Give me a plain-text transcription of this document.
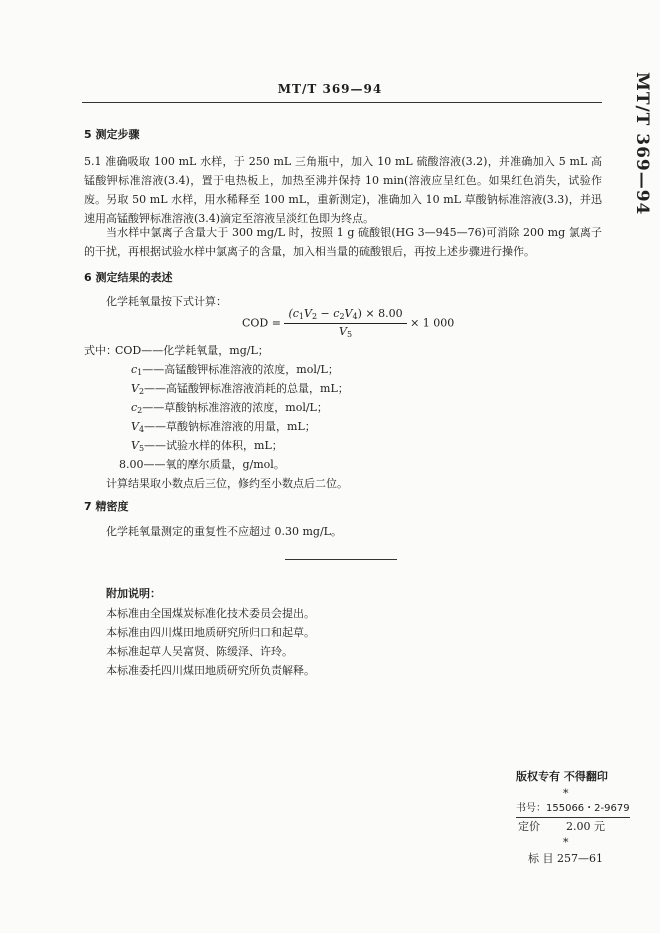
MT/T 369—94	MT/T 369—94
5 测定步骤
5.1 准确吸取 100 mL 水样，于 250 mL 三角瓶中，加入 10 mL 硫酸溶液(3.2)，并准确加入 5 mL 高锰酸钾标准溶液(3.4)，置于电热板上，加热至沸并保持 10 min(溶液应呈红色。如果红色消失，试验作废。另取 50 mL 水样，用水稀释至 100 mL，重新测定)，准确加入 10 mL 草酸钠标准溶液(3.3)，并迅速用高锰酸钾标准溶液(3.4)滴定至溶液呈淡红色即为终点。
当水样中氯离子含量大于 300 mg/L 时，按照 1 g 硫酸银(HG 3—945—76)可消除 200 mg 氯离子的干扰，再根据试验水样中氯离子的含量，加入相当量的硫酸银后，再按上述步骤进行操作。
6 测定结果的表述
化学耗氧量按下式计算：
COD = $\frac{(c_1V_2 - c_2V_4) \times 8.00}{V_5} \times 1$ 000
式中：
COD——化学耗氧量，mg/L；
$c_1——$高锰酸钾标准溶液的浓度，mol/L；
$V_2——$高锰酸钾标准溶液消耗的总量，mL；
$c_2——$草酸钠标准溶液的浓度，mol/L；
$V_4——$草酸钠标准溶液的用量，mL；
$V_5——$试验水样的体积，mL；
8.00——氧的摩尔质量，g/mol。
计算结果取小数点后三位，修约至小数点后二位。
7 精密度
化学耗氧量测定的重复性不应超过 0.30 mg/L。
附加说明：
本标准由全国煤炭标准化技术委员会提出。
本标准由四川煤田地质研究所归口和起草。
本标准起草人吴富贤、陈缓泽、许玲。
本标准委托四川煤田地质研究所负责解释。
版权专有 不得翻印
*
书号：155066・2-9679
定价 2.00 元
*
标 目 257—61
